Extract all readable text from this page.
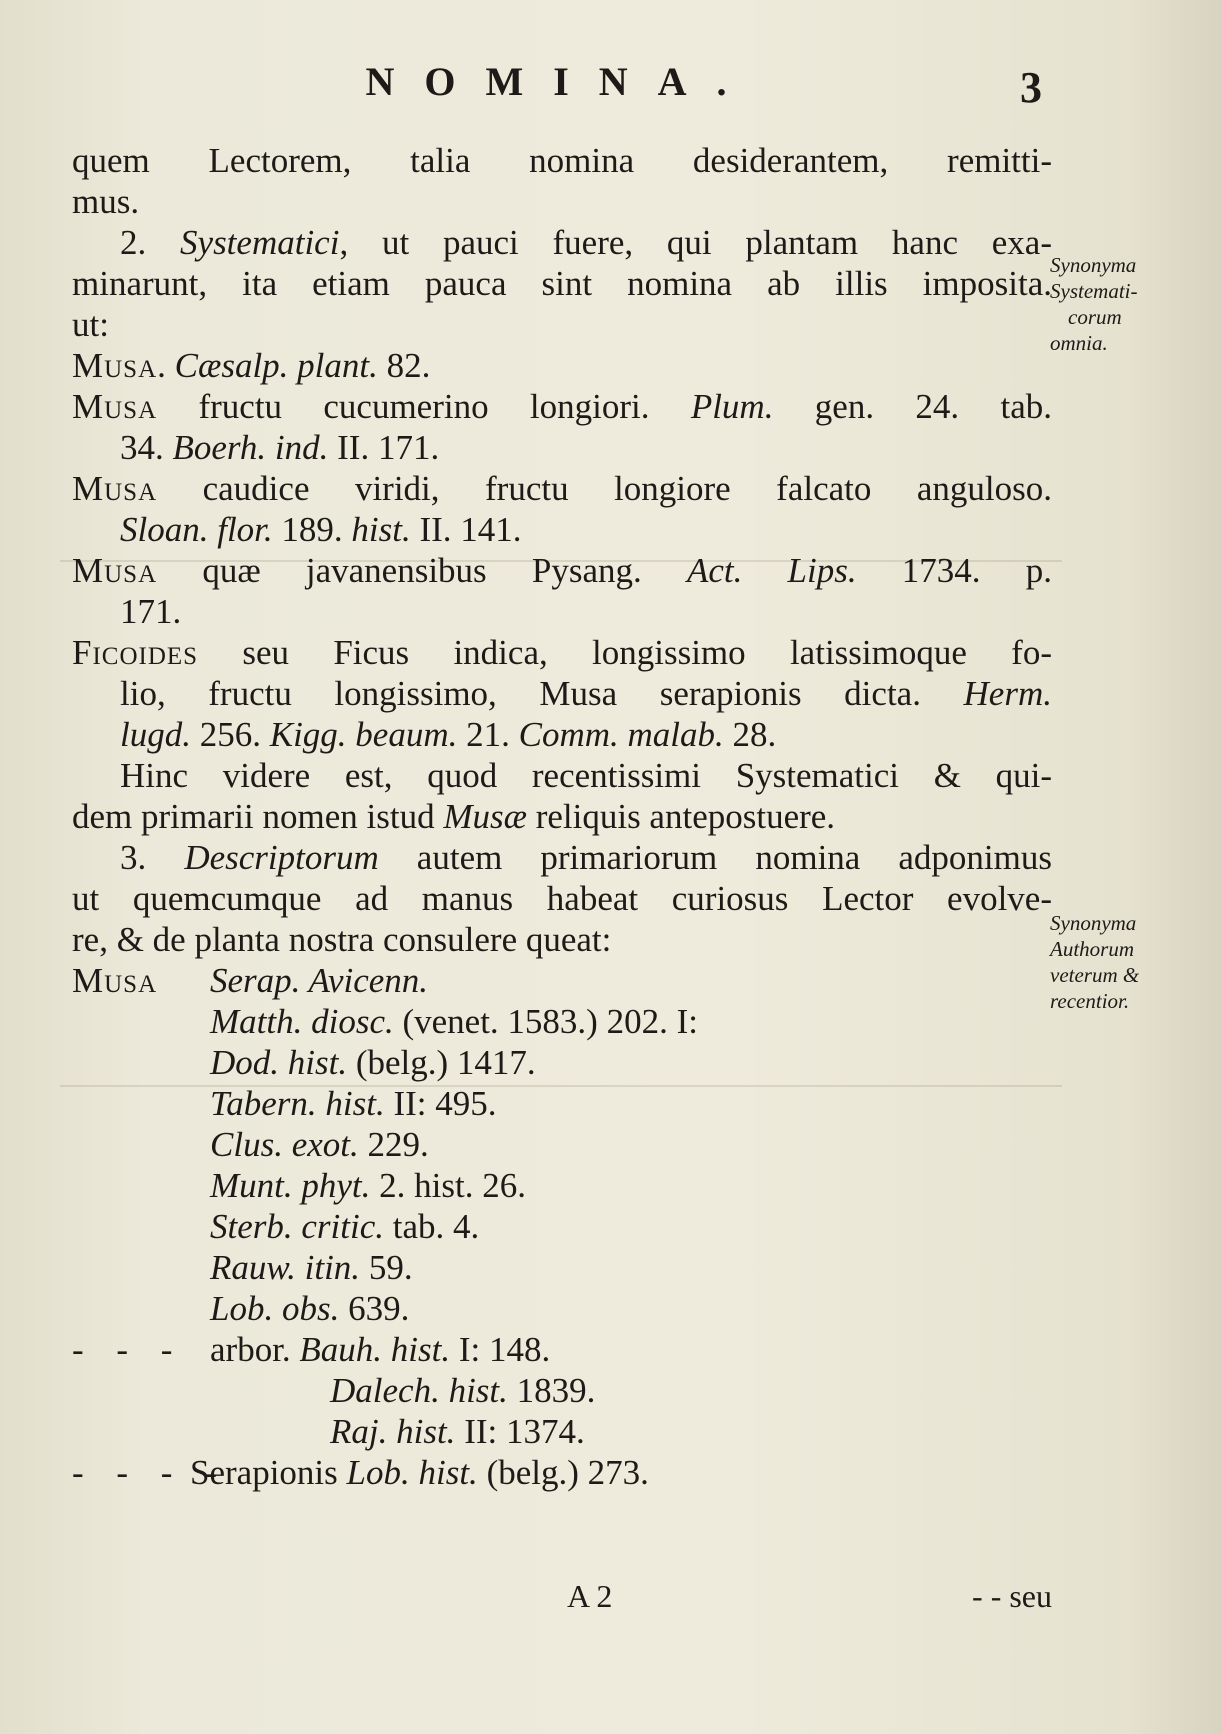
NOMINA.	3
quem Lectorem, talia nomina desiderantem, remitti-
mus.
2. Systematici, ut pauci fuere, qui plantam hanc exa-
minarunt, ita etiam pauca sint nomina ab illis imposita.
ut:
Musa. Cæsalp. plant. 82.
Musa fructu cucumerino longiori. Plum. gen. 24. tab.
34. Boerh. ind. II. 171.
Musa caudice viridi, fructu longiore falcato anguloso.
Sloan. flor. 189. hist. II. 141.
Musa quæ javanensibus Pysang. Act. Lips. 1734. p.
171.
Ficoides seu Ficus indica, longissimo latissimoque fo-
lio, fructu longissimo, Musa serapionis dicta. Herm.
lugd. 256. Kigg. beaum. 21. Comm. malab. 28.
Hinc videre est, quod recentissimi Systematici & qui-
dem primarii nomen istud Musæ reliquis antepostuere.
3. Descriptorum autem primariorum nomina adponimus
ut quemcumque ad manus habeat curiosus Lector evolve-
re, & de planta nostra consulere queat:
Musa Serap. Avicenn.
Matth. diosc. (venet. 1583.) 202. I:
Dod. hist. (belg.) 1417.
Tabern. hist. II: 495.
Clus. exot. 229.
Munt. phyt. 2. hist. 26.
Sterb. critic. tab. 4.
Rauw. itin. 59.
Lob. obs. 639.
- - - arbor. Bauh. hist. I: 148.
Dalech. hist. 1839.
Raj. hist. II: 1374.
- - - -Serapionis Lob. hist. (belg.) 273.
Synonyma
Systemati-
corum
omnia.
Synonyma
Authorum
veterum &
recentior.
A 2	- - seu
